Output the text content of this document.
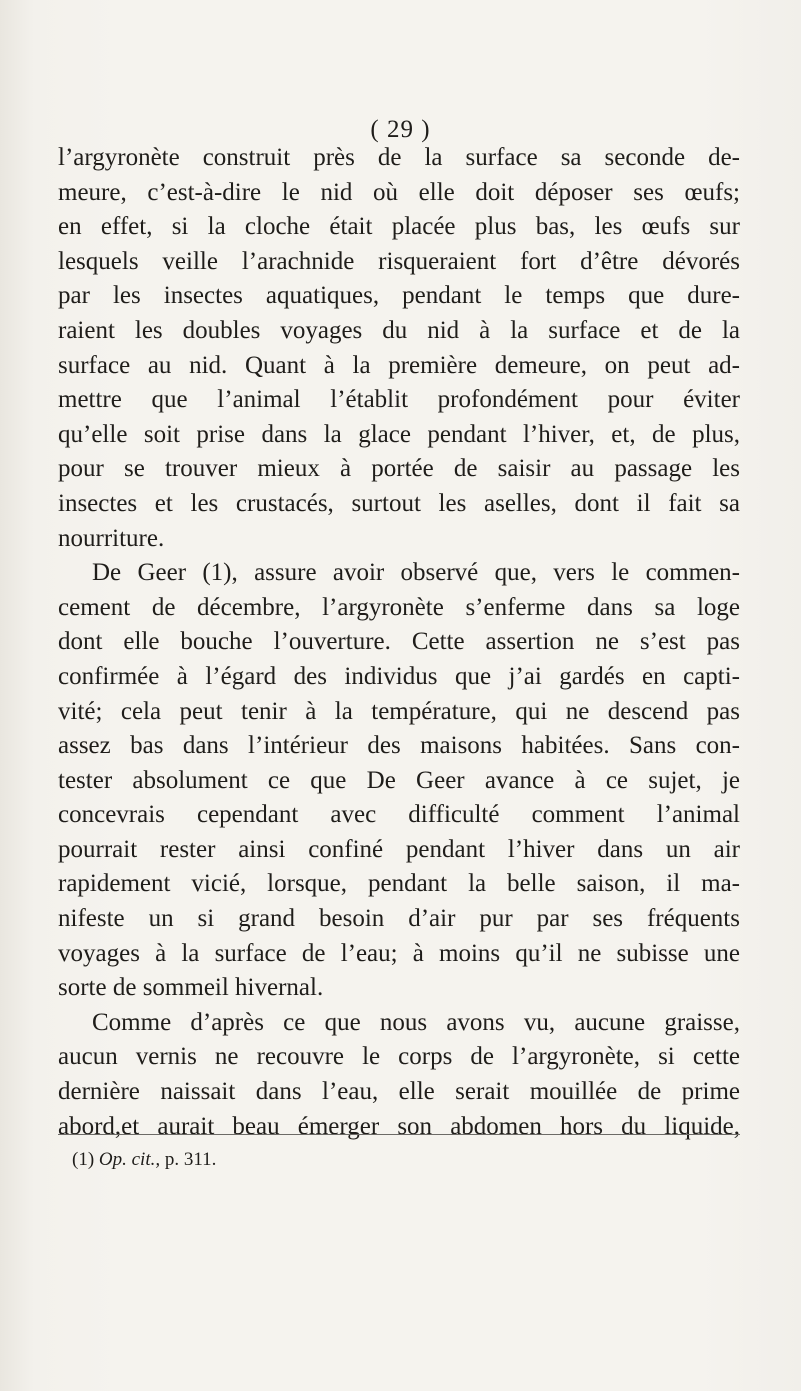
( 29 )
l’argyronète construit près de la surface sa seconde de-
meure, c’est-à-dire le nid où elle doit déposer ses œufs;
en effet, si la cloche était placée plus bas, les œufs sur
lesquels veille l’arachnide risqueraient fort d’être dévorés
par les insectes aquatiques, pendant le temps que dure-
raient les doubles voyages du nid à la surface et de la
surface au nid. Quant à la première demeure, on peut ad-
mettre que l’animal l’établit profondément pour éviter
qu’elle soit prise dans la glace pendant l’hiver, et, de plus,
pour se trouver mieux à portée de saisir au passage les
insectes et les crustacés, surtout les aselles, dont il fait sa
nourriture.
De Geer (1), assure avoir observé que, vers le commen-
cement de décembre, l’argyronète s’enferme dans sa loge
dont elle bouche l’ouverture. Cette assertion ne s’est pas
confirmée à l’égard des individus que j’ai gardés en capti-
vité; cela peut tenir à la température, qui ne descend pas
assez bas dans l’intérieur des maisons habitées. Sans con-
tester absolument ce que De Geer avance à ce sujet, je
concevrais cependant avec difficulté comment l’animal
pourrait rester ainsi confiné pendant l’hiver dans un air
rapidement vicié, lorsque, pendant la belle saison, il ma-
nifeste un si grand besoin d’air pur par ses fréquents
voyages à la surface de l’eau; à moins qu’il ne subisse une
sorte de sommeil hivernal.
Comme d’après ce que nous avons vu, aucune graisse,
aucun vernis ne recouvre le corps de l’argyronète, si cette
dernière naissait dans l’eau, elle serait mouillée de prime
abord,et aurait beau émerger son abdomen hors du liquide,
(1) Op. cit., p. 311.
